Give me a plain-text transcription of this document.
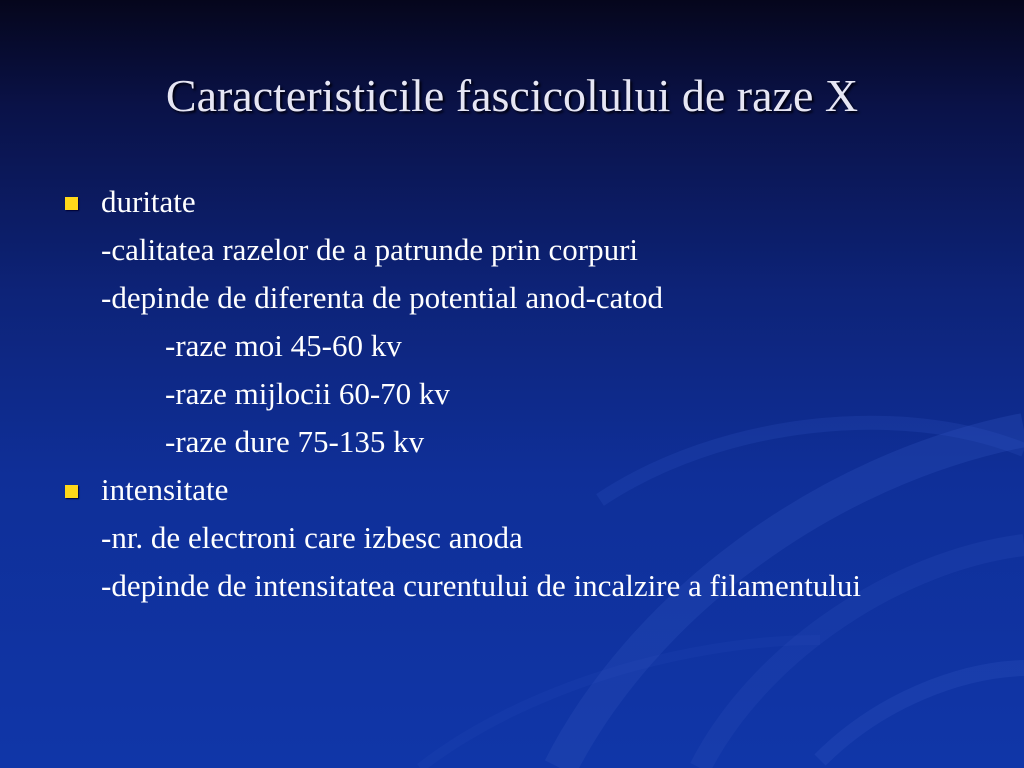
Caracteristicile fascicolului de raze X
duritate
-calitatea razelor de a patrunde prin corpuri
-depinde de diferenta de potential anod-catod
-raze moi 45-60 kv
-raze mijlocii 60-70 kv
-raze dure 75-135 kv
intensitate
-nr. de electroni care izbesc anoda
-depinde de intensitatea curentului de incalzire a filamentului
